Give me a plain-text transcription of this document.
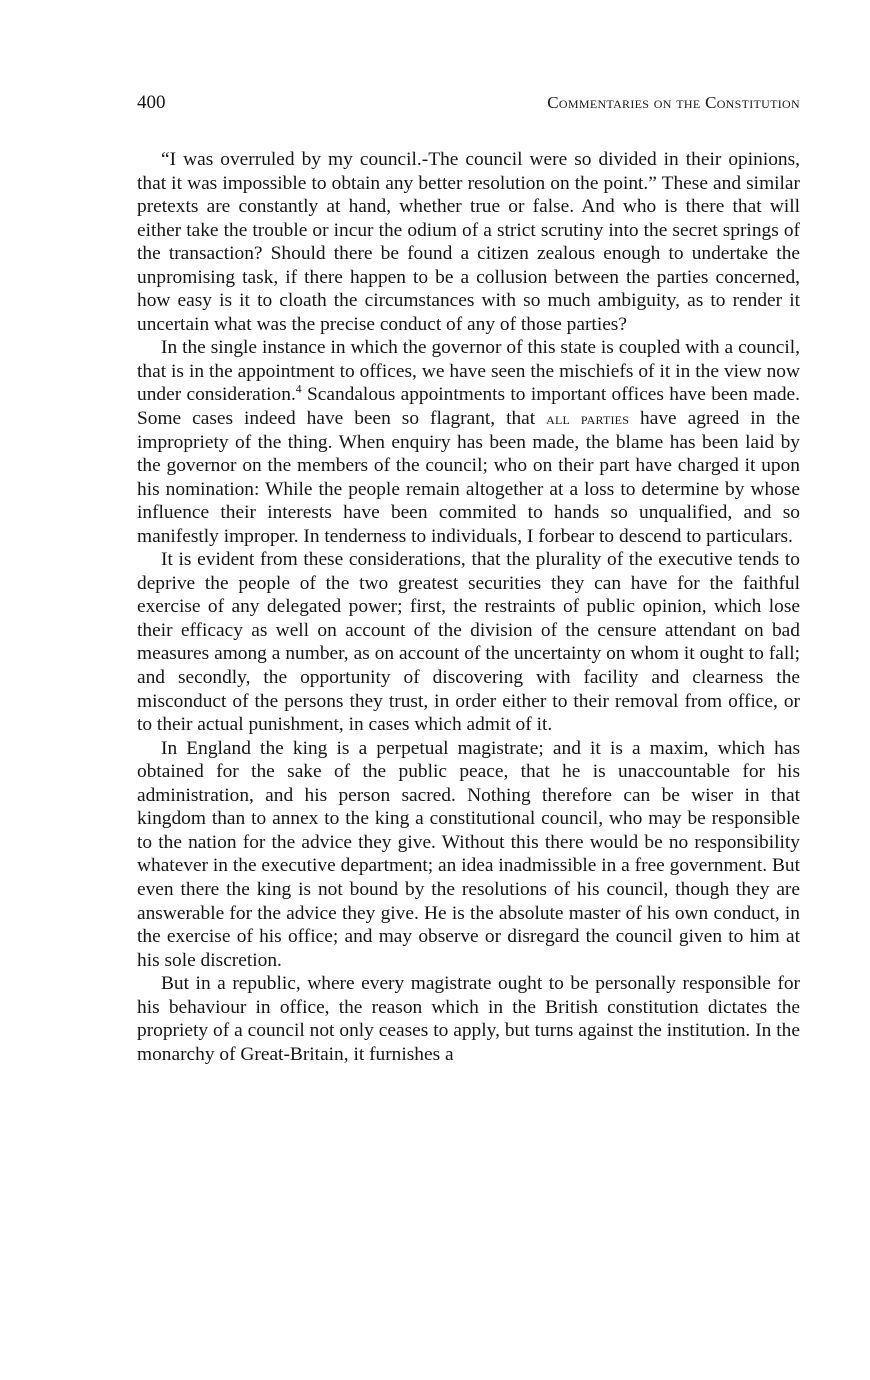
400	Commentaries on the Constitution

“I was overruled by my council.-The council were so divided in their opinions, that it was impossible to obtain any better resolution on the point.” These and similar pretexts are constantly at hand, whether true or false. And who is there that will either take the trouble or incur the odium of a strict scrutiny into the secret springs of the transaction? Should there be found a citizen zealous enough to undertake the unpromising task, if there happen to be a collusion between the parties concerned, how easy is it to cloath the circumstances with so much ambiguity, as to render it uncertain what was the precise conduct of any of those parties?

In the single instance in which the governor of this state is coupled with a council, that is in the appointment to offices, we have seen the mischiefs of it in the view now under consideration.$^4$ Scandalous appointments to important offices have been made. Some cases indeed have been so flagrant, that all parties have agreed in the impropriety of the thing. When enquiry has been made, the blame has been laid by the governor on the members of the council; who on their part have charged it upon his nomination: While the people remain altogether at a loss to determine by whose influence their interests have been commited to hands so unqualified, and so manifestly improper. In tenderness to individuals, I forbear to descend to particulars.

It is evident from these considerations, that the plurality of the executive tends to deprive the people of the two greatest securities they can have for the faithful exercise of any delegated power; first, the restraints of public opinion, which lose their efficacy as well on account of the division of the censure attendant on bad measures among a number, as on account of the uncertainty on whom it ought to fall; and secondly, the opportunity of discovering with facility and clearness the misconduct of the persons they trust, in order either to their removal from office, or to their actual punishment, in cases which admit of it.

In England the king is a perpetual magistrate; and it is a maxim, which has obtained for the sake of the public peace, that he is unaccountable for his administration, and his person sacred. Nothing therefore can be wiser in that kingdom than to annex to the king a constitutional council, who may be responsible to the nation for the advice they give. Without this there would be no responsibility whatever in the executive department; an idea inadmissible in a free government. But even there the king is not bound by the resolutions of his council, though they are answerable for the advice they give. He is the absolute master of his own conduct, in the exercise of his office; and may observe or disregard the council given to him at his sole discretion.

But in a republic, where every magistrate ought to be personally responsible for his behaviour in office, the reason which in the British constitution dictates the propriety of a council not only ceases to apply, but turns against the institution. In the monarchy of Great-Britain, it furnishes a
